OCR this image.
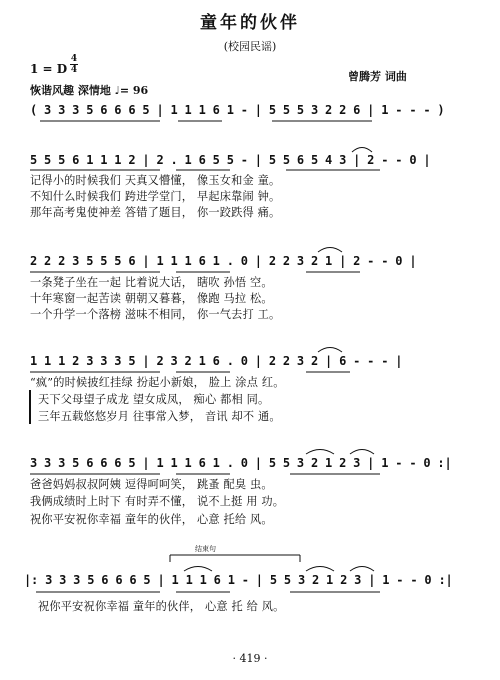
童年的伙伴
(校园民谣)
曾腾芳 词曲
1 = D
4
4
恢谐风趣 深情地 ♩= 96
( 3 3 3 5 6 6 6 5 | 1 1 1 6 1 - | 5 5 5 3 2 2 6 | 1 - - - )
5 5 5 6 1 1 1 2 | 2 . 1 6 5 5 - | 5 5 6 5 4 3 | 2 - - 0 |
记得小的时候我们 天真又懵懂， 像玉女和金 童。
不知什么时候我们 跨进学堂门， 早起床靠闹 钟。
那年高考鬼使神差 答错了题目， 你一跤跌得 痛。
2 2 2 3 5 5 5 6 | 1 1 1 6 1 . 0 | 2 2 3 2 1 | 2 - - 0 |
一条凳子坐在一起 比着说大话， 瞎吹 孙悟 空。
十年寒窗一起苦读 朝朝又暮暮， 像跑 马拉 松。
一个升学一个落榜 滋味不相同， 你一气去打 工。
1 1 1 2 3 3 3 5 | 2 3 2 1 6 . 0 | 2 2 3 2 | 6 - - - |
“疯”的时候披红挂绿 扮起小新娘， 脸上 涂点 红。
天下父母望子成龙 望女成凤， 痴心 都相 同。
三年五载悠悠岁月 往事常入梦， 音讯 却不 通。
3 3 3 5 6 6 6 5 | 1 1 1 6 1 . 0 | 5 5 3 2 1 2 3 | 1 - - 0 :|
爸爸妈妈叔叔阿姨 逗得呵呵笑， 跳蚤 配臭 虫。
我俩成绩时上时下 有时弄不懂， 说不上挺 用 功。
祝你平安祝你幸福 童年的伙伴， 心意 托给 风。
结束句
|: 3 3 3 5 6 6 6 5 | 1 1 1 6 1 - | 5 5 3 2 1 2 3 | 1 - - 0 :|
祝你平安祝你幸福 童年的伙伴， 心意 托 给 风。
· 419 ·
